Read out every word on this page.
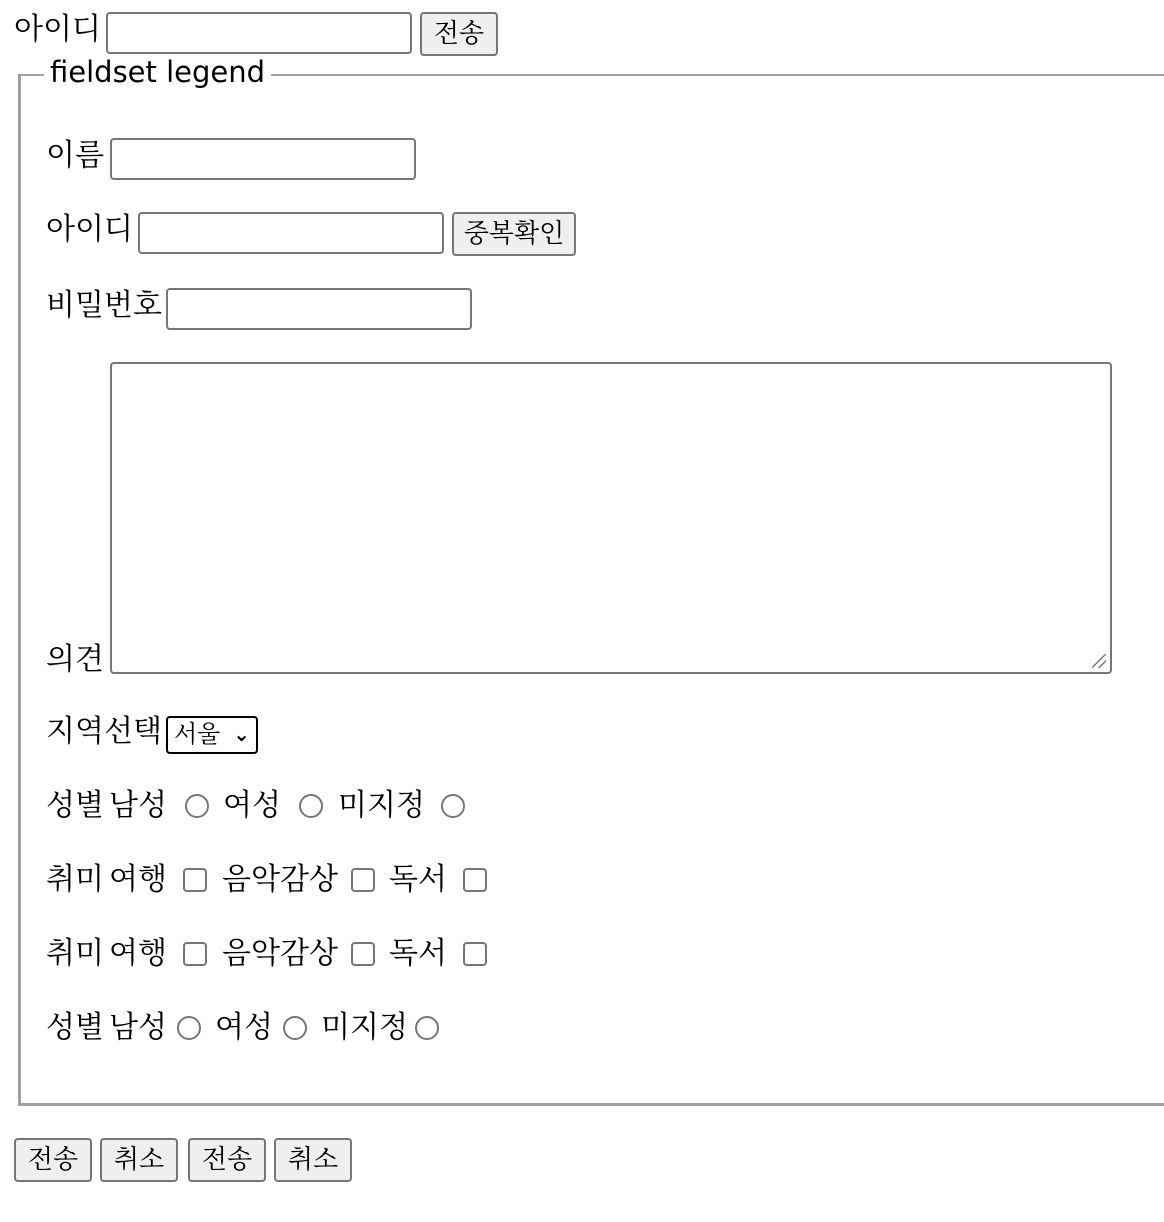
아이디	전송
fieldset legend
이름
아이디	중복확인
비밀번호
의견
지역선택 서울 ⌄
성별 남성 여성 미지정
취미 여행 음악감상 독서
취미 여행 음악감상 독서
성별 남성 여성 미지정
전송	취소	전송	취소
